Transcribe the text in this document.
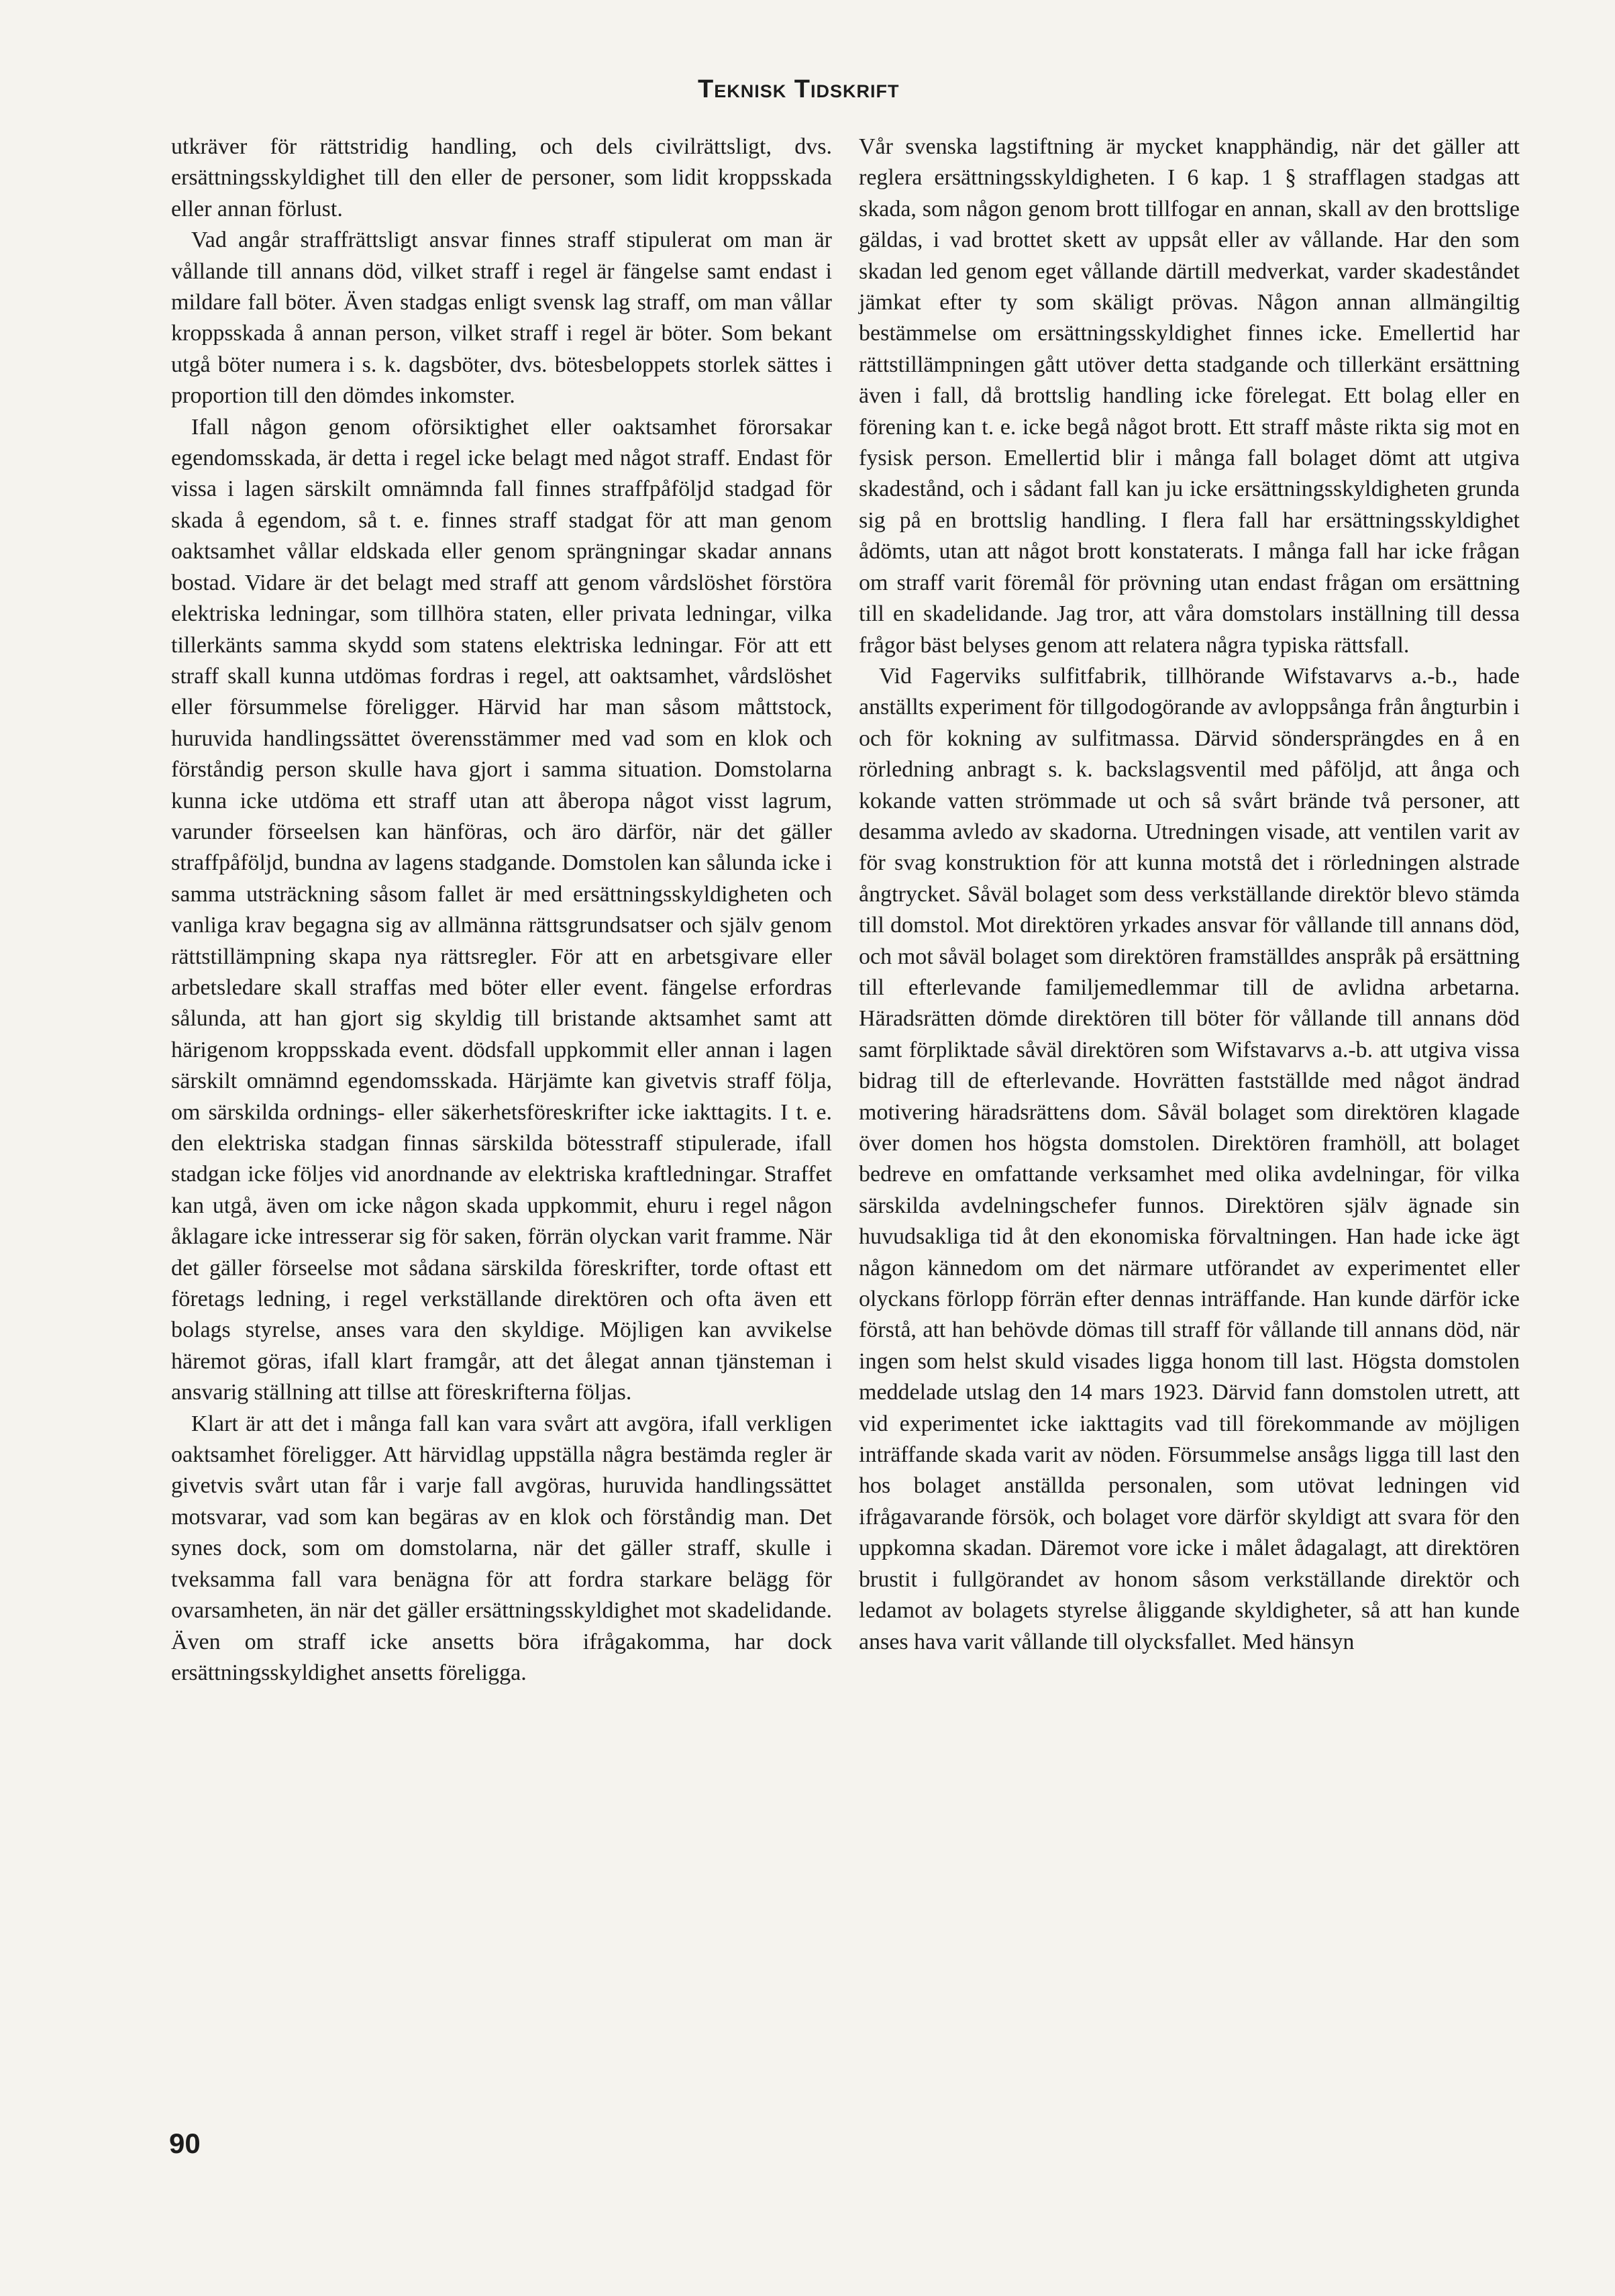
Teknisk Tidskrift

utkräver för rättstridig handling, och dels civilrättsligt, dvs. ersättningsskyldighet till den eller de personer, som lidit kroppsskada eller annan förlust.

Vad angår straffrättsligt ansvar finnes straff stipulerat om man är vållande till annans död, vilket straff i regel är fängelse samt endast i mildare fall böter. Även stadgas enligt svensk lag straff, om man vållar kroppsskada å annan person, vilket straff i regel är böter. Som bekant utgå böter numera i s. k. dagsböter, dvs. bötesbeloppets storlek sättes i proportion till den dömdes inkomster.

Ifall någon genom oförsiktighet eller oaktsamhet förorsakar egendomsskada, är detta i regel icke belagt med något straff. Endast för vissa i lagen särskilt omnämnda fall finnes straffpåföljd stadgad för skada å egendom, så t. e. finnes straff stadgat för att man genom oaktsamhet vållar eldskada eller genom sprängningar skadar annans bostad. Vidare är det belagt med straff att genom vårdslöshet förstöra elektriska ledningar, som tillhöra staten, eller privata ledningar, vilka tillerkänts samma skydd som statens elektriska ledningar. För att ett straff skall kunna utdömas fordras i regel, att oaktsamhet, vårdslöshet eller försummelse föreligger. Härvid har man såsom måttstock, huruvida handlingssättet överensstämmer med vad som en klok och förståndig person skulle hava gjort i samma situation. Domstolarna kunna icke utdöma ett straff utan att åberopa något visst lagrum, varunder förseelsen kan hänföras, och äro därför, när det gäller straffpåföljd, bundna av lagens stadgande. Domstolen kan sålunda icke i samma utsträckning såsom fallet är med ersättningsskyldigheten och vanliga krav begagna sig av allmänna rättsgrundsatser och själv genom rättstillämpning skapa nya rättsregler. För att en arbetsgivare eller arbetsledare skall straffas med böter eller event. fängelse erfordras sålunda, att han gjort sig skyldig till bristande aktsamhet samt att härigenom kroppsskada event. dödsfall uppkommit eller annan i lagen särskilt omnämnd egendomsskada. Härjämte kan givetvis straff följa, om särskilda ordnings- eller säkerhetsföreskrifter icke iakttagits. I t. e. den elektriska stadgan finnas särskilda bötesstraff stipulerade, ifall stadgan icke följes vid anordnande av elektriska kraftledningar. Straffet kan utgå, även om icke någon skada uppkommit, ehuru i regel någon åklagare icke intresserar sig för saken, förrän olyckan varit framme. När det gäller förseelse mot sådana särskilda föreskrifter, torde oftast ett företags ledning, i regel verkställande direktören och ofta även ett bolags styrelse, anses vara den skyldige. Möjligen kan avvikelse häremot göras, ifall klart framgår, att det ålegat annan tjänsteman i ansvarig ställning att tillse att föreskrifterna följas.

Klart är att det i många fall kan vara svårt att avgöra, ifall verkligen oaktsamhet föreligger. Att härvidlag uppställa några bestämda regler är givetvis svårt utan får i varje fall avgöras, huruvida handlingssättet motsvarar, vad som kan begäras av en klok och förståndig man. Det synes dock, som om domstolarna, när det gäller straff, skulle i tveksamma fall vara benägna för att fordra starkare belägg för ovarsamheten, än när det gäller ersättningsskyldighet mot skadelidande. Även om straff icke ansetts böra ifrågakomma, har dock ersättningsskyldighet ansetts föreligga.

Vår svenska lagstiftning är mycket knapphändig, när det gäller att reglera ersättningsskyldigheten. I 6 kap. 1 § strafflagen stadgas att skada, som någon genom brott tillfogar en annan, skall av den brottslige gäldas, i vad brottet skett av uppsåt eller av vållande. Har den som skadan led genom eget vållande därtill medverkat, varder skadeståndet jämkat efter ty som skäligt prövas. Någon annan allmängiltig bestämmelse om ersättningsskyldighet finnes icke. Emellertid har rättstillämpningen gått utöver detta stadgande och tillerkänt ersättning även i fall, då brottslig handling icke förelegat. Ett bolag eller en förening kan t. e. icke begå något brott. Ett straff måste rikta sig mot en fysisk person. Emellertid blir i många fall bolaget dömt att utgiva skadestånd, och i sådant fall kan ju icke ersättningsskyldigheten grunda sig på en brottslig handling. I flera fall har ersättningsskyldighet ådömts, utan att något brott konstaterats. I många fall har icke frågan om straff varit föremål för prövning utan endast frågan om ersättning till en skadelidande. Jag tror, att våra domstolars inställning till dessa frågor bäst belyses genom att relatera några typiska rättsfall.

Vid Fagerviks sulfitfabrik, tillhörande Wifstavarvs a.-b., hade anställts experiment för tillgodogörande av avloppsånga från ångturbin i och för kokning av sulfitmassa. Därvid söndersprängdes en å en rörledning anbragt s. k. backslagsventil med påföljd, att ånga och kokande vatten strömmade ut och så svårt brände två personer, att desamma avledo av skadorna. Utredningen visade, att ventilen varit av för svag konstruktion för att kunna motstå det i rörledningen alstrade ångtrycket. Såväl bolaget som dess verkställande direktör blevo stämda till domstol. Mot direktören yrkades ansvar för vållande till annans död, och mot såväl bolaget som direktören framställdes anspråk på ersättning till efterlevande familjemedlemmar till de avlidna arbetarna. Häradsrätten dömde direktören till böter för vållande till annans död samt förpliktade såväl direktören som Wifstavarvs a.-b. att utgiva vissa bidrag till de efterlevande. Hovrätten fastställde med något ändrad motivering häradsrättens dom. Såväl bolaget som direktören klagade över domen hos högsta domstolen. Direktören framhöll, att bolaget bedreve en omfattande verksamhet med olika avdelningar, för vilka särskilda avdelningschefer funnos. Direktören själv ägnade sin huvudsakliga tid åt den ekonomiska förvaltningen. Han hade icke ägt någon kännedom om det närmare utförandet av experimentet eller olyckans förlopp förrän efter dennas inträffande. Han kunde därför icke förstå, att han behövde dömas till straff för vållande till annans död, när ingen som helst skuld visades ligga honom till last. Högsta domstolen meddelade utslag den 14 mars 1923. Därvid fann domstolen utrett, att vid experimentet icke iakttagits vad till förekommande av möjligen inträffande skada varit av nöden. Försummelse ansågs ligga till last den hos bolaget anställda personalen, som utövat ledningen vid ifrågavarande försök, och bolaget vore därför skyldigt att svara för den uppkomna skadan. Däremot vore icke i målet ådagalagt, att direktören brustit i fullgörandet av honom såsom verkställande direktör och ledamot av bolagets styrelse åliggande skyldigheter, så att han kunde anses hava varit vållande till olycksfallet. Med hänsyn

90
